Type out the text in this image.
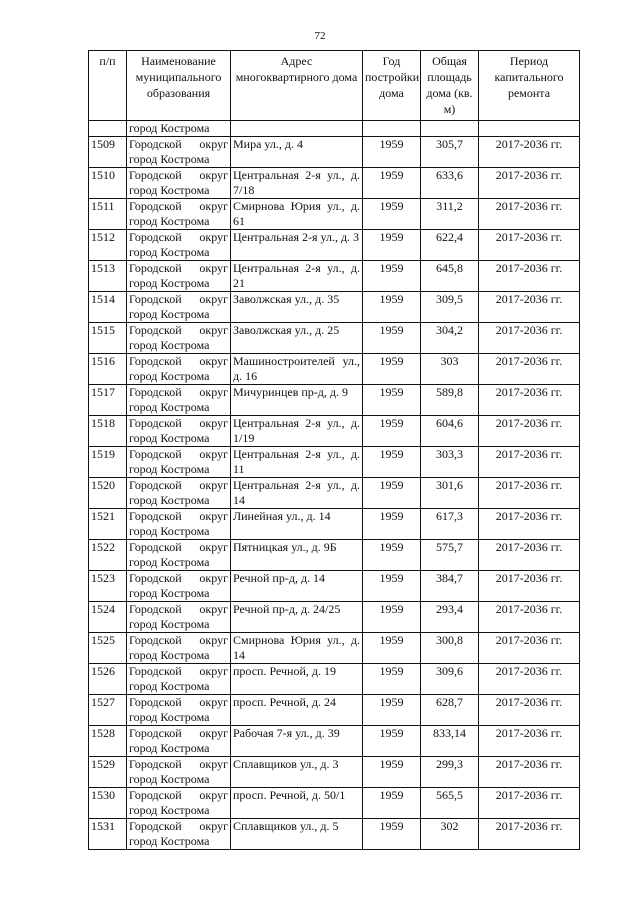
72
п/п	Наименование муниципального образования	Адрес многоквартирного дома	Год постройки дома	Общая площадь дома (кв. м)	Период капитального ремонта
	город Кострома				
1509	Городской округ город Кострома	Мира ул., д. 4	1959	305,7	2017-2036 гг.
1510	Городской округ город Кострома	Центральная 2-я ул., д. 7/18	1959	633,6	2017-2036 гг.
1511	Городской округ город Кострома	Смирнова Юрия ул., д. 61	1959	311,2	2017-2036 гг.
1512	Городской округ город Кострома	Центральная 2-я ул., д. 3	1959	622,4	2017-2036 гг.
1513	Городской округ город Кострома	Центральная 2-я ул., д. 21	1959	645,8	2017-2036 гг.
1514	Городской округ город Кострома	Заволжская ул., д. 35	1959	309,5	2017-2036 гг.
1515	Городской округ город Кострома	Заволжская ул., д. 25	1959	304,2	2017-2036 гг.
1516	Городской округ город Кострома	Машиностроителей ул., д. 16	1959	303	2017-2036 гг.
1517	Городской округ город Кострома	Мичуринцев пр-д, д. 9	1959	589,8	2017-2036 гг.
1518	Городской округ город Кострома	Центральная 2-я ул., д. 1/19	1959	604,6	2017-2036 гг.
1519	Городской округ город Кострома	Центральная 2-я ул., д. 11	1959	303,3	2017-2036 гг.
1520	Городской округ город Кострома	Центральная 2-я ул., д. 14	1959	301,6	2017-2036 гг.
1521	Городской округ город Кострома	Линейная ул., д. 14	1959	617,3	2017-2036 гг.
1522	Городской округ город Кострома	Пятницкая ул., д. 9Б	1959	575,7	2017-2036 гг.
1523	Городской округ город Кострома	Речной пр-д, д. 14	1959	384,7	2017-2036 гг.
1524	Городской округ город Кострома	Речной пр-д, д. 24/25	1959	293,4	2017-2036 гг.
1525	Городской округ город Кострома	Смирнова Юрия ул., д. 14	1959	300,8	2017-2036 гг.
1526	Городской округ город Кострома	просп. Речной, д. 19	1959	309,6	2017-2036 гг.
1527	Городской округ город Кострома	просп. Речной, д. 24	1959	628,7	2017-2036 гг.
1528	Городской округ город Кострома	Рабочая 7-я ул., д. 39	1959	833,14	2017-2036 гг.
1529	Городской округ город Кострома	Сплавщиков ул., д. 3	1959	299,3	2017-2036 гг.
1530	Городской округ город Кострома	просп. Речной, д. 50/1	1959	565,5	2017-2036 гг.
1531	Городской округ город Кострома	Сплавщиков ул., д. 5	1959	302	2017-2036 гг.
